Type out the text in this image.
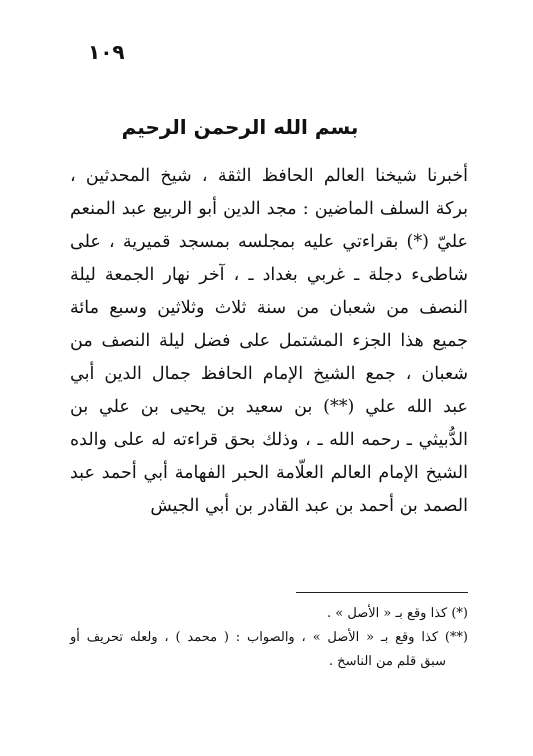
١٠٩
بسم الله الرحمن الرحيم
أخبرنا شيخنا العالم الحافظ الثقة ، شيخ المحدثين ،
بركة السلف الماضين : مجد الدين أبو الربيع عبد المنعم
عليّ (*) بقراءتي عليه بمجلسه بمسجد قميرية ، على
شاطىء دجلة ـ غربي بغداد ـ ، آخر نهار الجمعة ليلة
النصف من شعبان من سنة ثلاث وثلاثين وسبع مائة
جميع هذا الجزء المشتمل على فضل ليلة النصف من
شعبان ، جمع الشيخ الإمام الحافظ جمال الدين أبي
عبد الله علي (**) بن سعيد بن يحيى بن علي بن
الدُّبيثي ـ رحمه الله ـ ، وذلك بحق قراءته له على والده
الشيخ الإمام العالم العلّامة الحبر الفهامة أبي أحمد عبد
الصمد بن أحمد بن عبد القادر بن أبي الجيش
(*) كذا وقع بـ « الأصل » .
(**) كذا وقع بـ « الأصل » ، والصواب : ( محمد ) ، ولعله تحريف أو
سبق قلم من الناسخ .
